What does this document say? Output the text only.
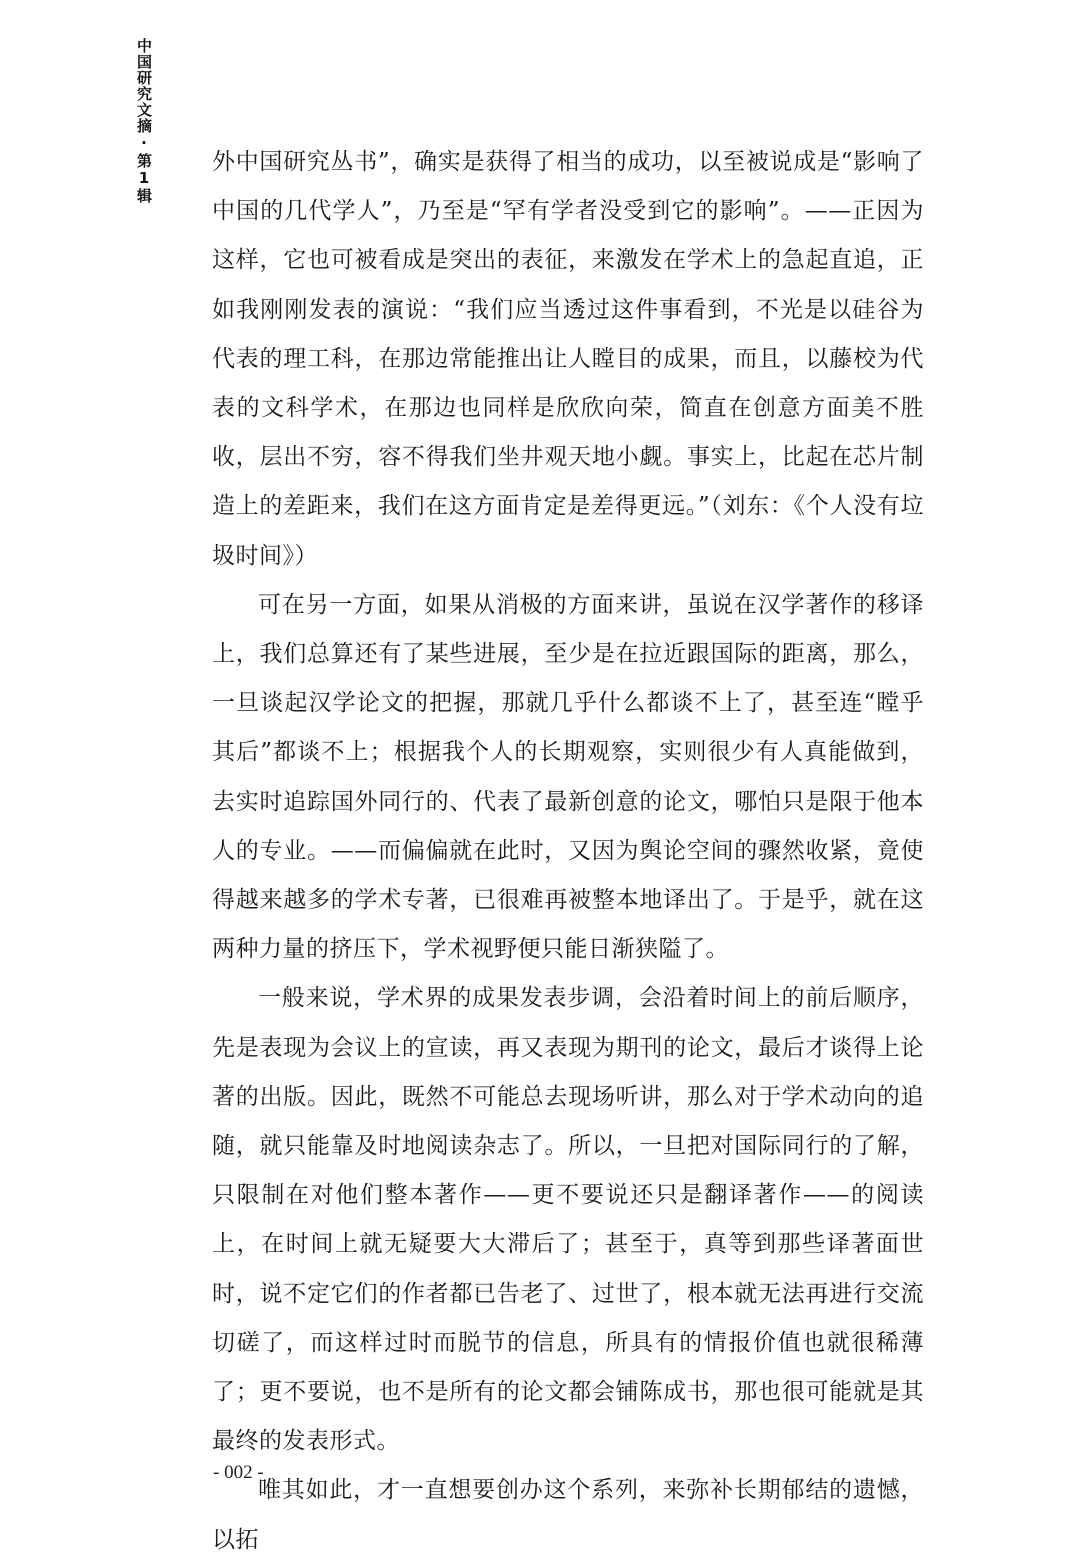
中国研究文摘·第1辑	外中国研究丛书”，确实是获得了相当的成功，以至被说成是“影响了中国的几代学人”，乃至是“罕有学者没受到它的影响”。——正因为这样，它也可被看成是突出的表征，来激发在学术上的急起直追，正如我刚刚发表的演说：“我们应当透过这件事看到，不光是以硅谷为代表的理工科，在那边常能推出让人瞠目的成果，而且，以藤校为代表的文科学术，在那边也同样是欣欣向荣，简直在创意方面美不胜收，层出不穷，容不得我们坐井观天地小觑。事实上，比起在芯片制造上的差距来，我们在这方面肯定是差得更远。”（刘东：《个人没有垃圾时间》）

可在另一方面，如果从消极的方面来讲，虽说在汉学著作的移译上，我们总算还有了某些进展，至少是在拉近跟国际的距离，那么，一旦谈起汉学论文的把握，那就几乎什么都谈不上了，甚至连“瞠乎其后”都谈不上；根据我个人的长期观察，实则很少有人真能做到，去实时追踪国外同行的、代表了最新创意的论文，哪怕只是限于他本人的专业。——而偏偏就在此时，又因为舆论空间的骤然收紧，竟使得越来越多的学术专著，已很难再被整本地译出了。于是乎，就在这两种力量的挤压下，学术视野便只能日渐狭隘了。

一般来说，学术界的成果发表步调，会沿着时间上的前后顺序，先是表现为会议上的宣读，再又表现为期刊的论文，最后才谈得上论著的出版。因此，既然不可能总去现场听讲，那么对于学术动向的追随，就只能靠及时地阅读杂志了。所以，一旦把对国际同行的了解，只限制在对他们整本著作——更不要说还只是翻译著作——的阅读上，在时间上就无疑要大大滞后了；甚至于，真等到那些译著面世时，说不定它们的作者都已告老了、过世了，根本就无法再进行交流切磋了，而这样过时而脱节的信息，所具有的情报价值也就很稀薄了；更不要说，也不是所有的论文都会铺陈成书，那也很可能就是其最终的发表形式。

唯其如此，才一直想要创办这个系列，来弥补长期郁结的遗憾，以拓

- 002 -
